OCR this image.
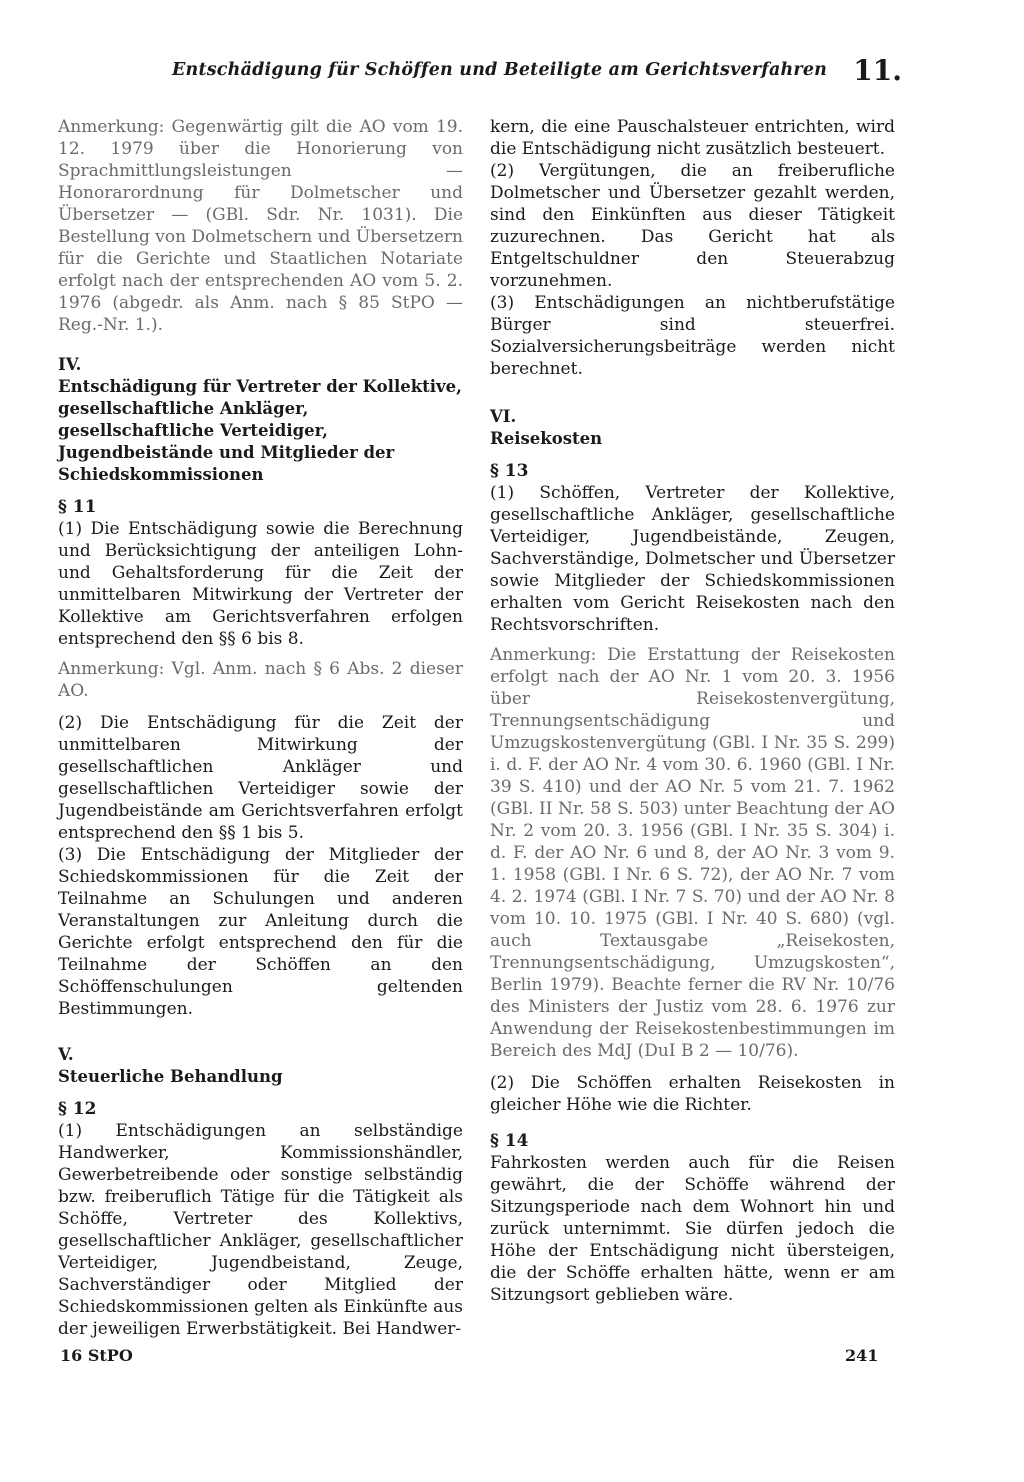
Entschädigung für Schöffen und Beteiligte am Gerichtsverfahren 11.

Anmerkung: Gegenwärtig gilt die AO vom 19. 12. 1979 über die Honorierung von Sprachmittlungsleistungen — Honorarordnung für Dolmetscher und Übersetzer — (GBl. Sdr. Nr. 1031). Die Bestellung von Dolmetschern und Übersetzern für die Gerichte und Staatlichen Notariate erfolgt nach der entsprechenden AO vom 5. 2. 1976 (abgedr. als Anm. nach § 85 StPO — Reg.-Nr. 1.).

IV.
Entschädigung für Vertreter der Kollektive, gesellschaftliche Ankläger, gesellschaftliche Verteidiger, Jugendbeistände und Mitglieder der Schiedskommissionen
§ 11

(1) Die Entschädigung sowie die Berechnung und Berücksichtigung der anteiligen Lohn- und Gehaltsforderung für die Zeit der unmittelbaren Mitwirkung der Vertreter der Kollektive am Gerichtsverfahren erfolgen entsprechend den §§ 6 bis 8.

Anmerkung: Vgl. Anm. nach § 6 Abs. 2 dieser AO.

(2) Die Entschädigung für die Zeit der unmittelbaren Mitwirkung der gesellschaftlichen Ankläger und gesellschaftlichen Verteidiger sowie der Jugendbeistände am Gerichtsverfahren erfolgt entsprechend den §§ 1 bis 5.

(3) Die Entschädigung der Mitglieder der Schiedskommissionen für die Zeit der Teilnahme an Schulungen und anderen Veranstaltungen zur Anleitung durch die Gerichte erfolgt entsprechend den für die Teilnahme der Schöffen an den Schöffenschulungen geltenden Bestimmungen.

V.
Steuerliche Behandlung
§ 12

(1) Entschädigungen an selbständige Handwerker, Kommissionshändler, Gewerbetreibende oder sonstige selbständig bzw. freiberuflich Tätige für die Tätigkeit als Schöffe, Vertreter des Kollektivs, gesellschaftlicher Ankläger, gesellschaftlicher Verteidiger, Jugendbeistand, Zeuge, Sachverständiger oder Mitglied der Schiedskommissionen gelten als Einkünfte aus der jeweiligen Erwerbstätigkeit. Bei Handwer-

kern, die eine Pauschalsteuer entrichten, wird die Entschädigung nicht zusätzlich besteuert.

(2) Vergütungen, die an freiberufliche Dolmetscher und Übersetzer gezahlt werden, sind den Einkünften aus dieser Tätigkeit zuzurechnen. Das Gericht hat als Entgeltschuldner den Steuerabzug vorzunehmen.

(3) Entschädigungen an nichtberufstätige Bürger sind steuerfrei. Sozialversicherungsbeiträge werden nicht berechnet.

VI.
Reisekosten
§ 13

(1) Schöffen, Vertreter der Kollektive, gesellschaftliche Ankläger, gesellschaftliche Verteidiger, Jugendbeistände, Zeugen, Sachverständige, Dolmetscher und Übersetzer sowie Mitglieder der Schiedskommissionen erhalten vom Gericht Reisekosten nach den Rechtsvorschriften.

Anmerkung: Die Erstattung der Reisekosten erfolgt nach der AO Nr. 1 vom 20. 3. 1956 über Reisekostenvergütung, Trennungsentschädigung und Umzugskostenvergütung (GBl. I Nr. 35 S. 299) i. d. F. der AO Nr. 4 vom 30. 6. 1960 (GBl. I Nr. 39 S. 410) und der AO Nr. 5 vom 21. 7. 1962 (GBl. II Nr. 58 S. 503) unter Beachtung der AO Nr. 2 vom 20. 3. 1956 (GBl. I Nr. 35 S. 304) i. d. F. der AO Nr. 6 und 8, der AO Nr. 3 vom 9. 1. 1958 (GBl. I Nr. 6 S. 72), der AO Nr. 7 vom 4. 2. 1974 (GBl. I Nr. 7 S. 70) und der AO Nr. 8 vom 10. 10. 1975 (GBl. I Nr. 40 S. 680) (vgl. auch Textausgabe „Reisekosten, Trennungsentschädigung, Umzugskosten“, Berlin 1979). Beachte ferner die RV Nr. 10/76 des Ministers der Justiz vom 28. 6. 1976 zur Anwendung der Reisekostenbestimmungen im Bereich des MdJ (DuI B 2 — 10/76).

(2) Die Schöffen erhalten Reisekosten in gleicher Höhe wie die Richter.

§ 14

Fahrkosten werden auch für die Reisen gewährt, die der Schöffe während der Sitzungsperiode nach dem Wohnort hin und zurück unternimmt. Sie dürfen jedoch die Höhe der Entschädigung nicht übersteigen, die der Schöffe erhalten hätte, wenn er am Sitzungsort geblieben wäre.

16 StPO	241
